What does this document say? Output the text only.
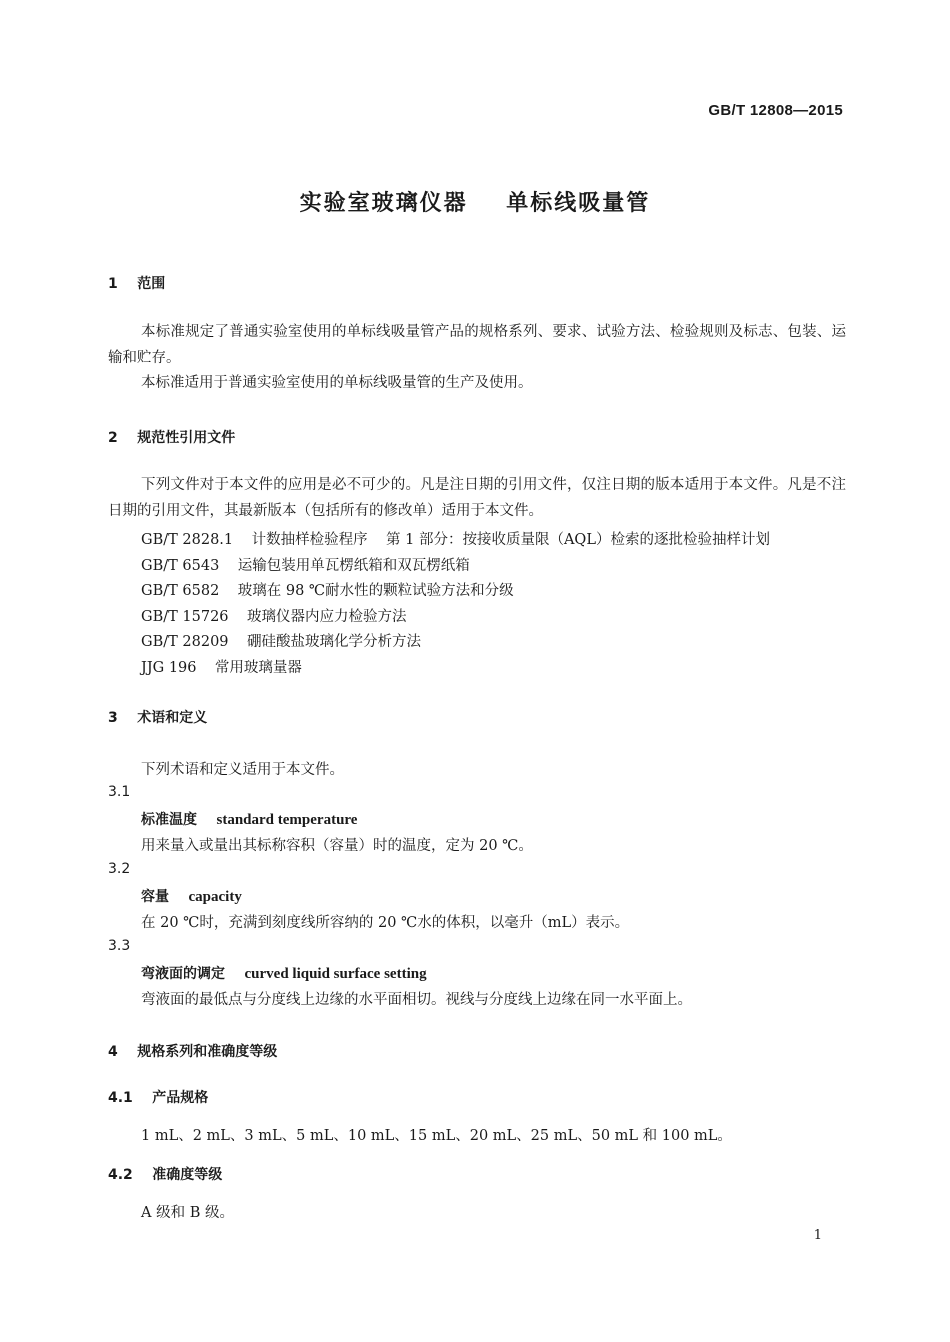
GB/T 12808—2015
实验室玻璃仪器    单标线吸量管
1    范围
本标准规定了普通实验室使用的单标线吸量管产品的规格系列、要求、试验方法、检验规则及标志、包装、运输和贮存。
本标准适用于普通实验室使用的单标线吸量管的生产及使用。
2    规范性引用文件
下列文件对于本文件的应用是必不可少的。凡是注日期的引用文件，仅注日期的版本适用于本文件。凡是不注日期的引用文件，其最新版本（包括所有的修改单）适用于本文件。
GB/T 2828.1    计数抽样检验程序    第 1 部分：按接收质量限（AQL）检索的逐批检验抽样计划
GB/T 6543    运输包装用单瓦楞纸箱和双瓦楞纸箱
GB/T 6582    玻璃在 98 ℃耐水性的颗粒试验方法和分级
GB/T 15726    玻璃仪器内应力检验方法
GB/T 28209    硼硅酸盐玻璃化学分析方法
JJG 196    常用玻璃量器
3    术语和定义
下列术语和定义适用于本文件。
3.1
标准温度 standard temperature
用来量入或量出其标称容积（容量）时的温度，定为 20 ℃。
3.2
容量 capacity
在 20 ℃时，充满到刻度线所容纳的 20 ℃水的体积，以毫升（mL）表示。
3.3
弯液面的调定 curved liquid surface setting
弯液面的最低点与分度线上边缘的水平面相切。视线与分度线上边缘在同一水平面上。
4    规格系列和准确度等级
4.1    产品规格
1 mL、2 mL、3 mL、5 mL、10 mL、15 mL、20 mL、25 mL、50 mL 和 100 mL。
4.2    准确度等级
A 级和 B 级。
1
